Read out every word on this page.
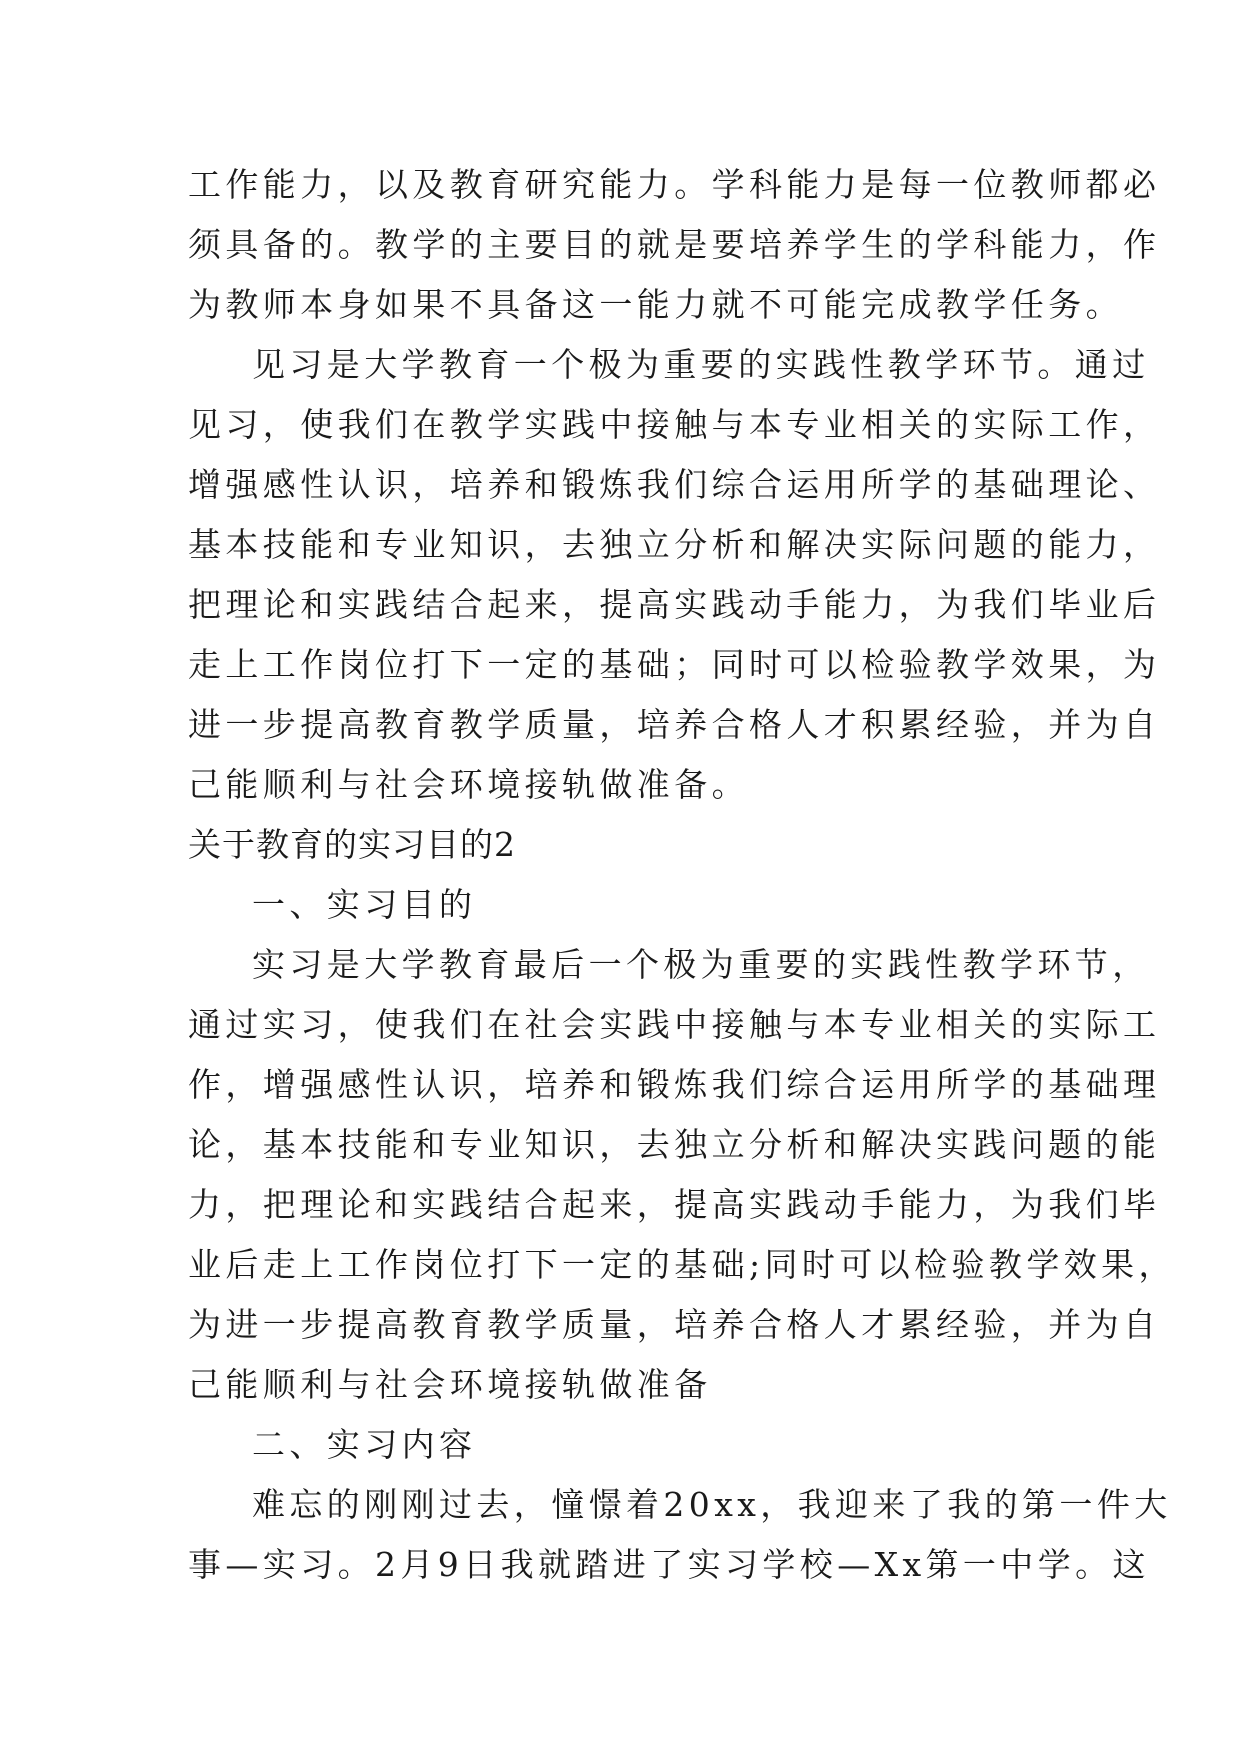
工作能力，以及教育研究能力。学科能力是每一位教师都必
须具备的。教学的主要目的就是要培养学生的学科能力，作
为教师本身如果不具备这一能力就不可能完成教学任务。
见习是大学教育一个极为重要的实践性教学环节。通过
见习，使我们在教学实践中接触与本专业相关的实际工作，
增强感性认识，培养和锻炼我们综合运用所学的基础理论、
基本技能和专业知识，去独立分析和解决实际问题的能力，
把理论和实践结合起来，提高实践动手能力，为我们毕业后
走上工作岗位打下一定的基础；同时可以检验教学效果，为
进一步提高教育教学质量，培养合格人才积累经验，并为自
己能顺利与社会环境接轨做准备。
关于教育的实习目的2
一、实习目的
实习是大学教育最后一个极为重要的实践性教学环节，
通过实习，使我们在社会实践中接触与本专业相关的实际工
作，增强感性认识，培养和锻炼我们综合运用所学的基础理
论，基本技能和专业知识，去独立分析和解决实践问题的能
力，把理论和实践结合起来，提高实践动手能力，为我们毕
业后走上工作岗位打下一定的基础;同时可以检验教学效果，
为进一步提高教育教学质量，培养合格人才累经验，并为自
己能顺利与社会环境接轨做准备
二、实习内容
难忘的刚刚过去，憧憬着20xx，我迎来了我的第一件大
事—实习。2月9日我就踏进了实习学校—Xx第一中学。这
